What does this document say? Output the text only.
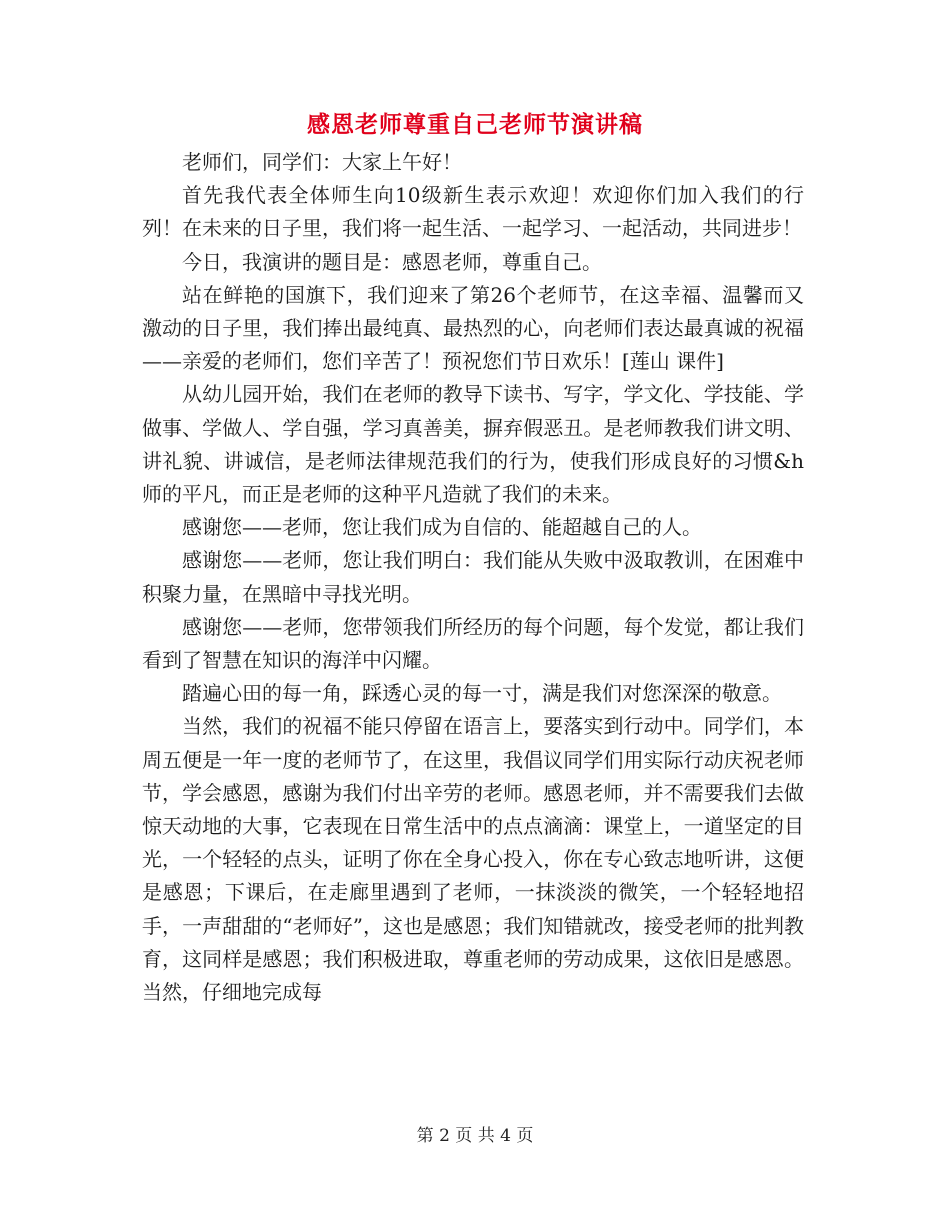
感恩老师尊重自己老师节演讲稿

老师们，同学们：大家上午好！

首先我代表全体师生向10级新生表示欢迎！欢迎你们加入我们的行列！在未来的日子里，我们将一起生活、一起学习、一起活动，共同进步！

今日，我演讲的题目是：感恩老师，尊重自己。

站在鲜艳的国旗下，我们迎来了第26个老师节，在这幸福、温馨而又激动的日子里，我们捧出最纯真、最热烈的心，向老师们表达最真诚的祝福——亲爱的老师们，您们辛苦了！预祝您们节日欢乐！[莲山 课件]

从幼儿园开始，我们在老师的教导下读书、写字，学文化、学技能、学做事、学做人、学自强，学习真善美，摒弃假恶丑。是老师教我们讲文明、讲礼貌、讲诚信，是老师法律规范我们的行为，使我们形成良好的习惯&h师的平凡，而正是老师的这种平凡造就了我们的未来。

感谢您——老师，您让我们成为自信的、能超越自己的人。

感谢您——老师，您让我们明白：我们能从失败中汲取教训，在困难中积聚力量，在黑暗中寻找光明。

感谢您——老师，您带领我们所经历的每个问题，每个发觉，都让我们看到了智慧在知识的海洋中闪耀。

踏遍心田的每一角，踩透心灵的每一寸，满是我们对您深深的敬意。

当然，我们的祝福不能只停留在语言上，要落实到行动中。同学们，本周五便是一年一度的老师节了，在这里，我倡议同学们用实际行动庆祝老师节，学会感恩，感谢为我们付出辛劳的老师。感恩老师，并不需要我们去做惊天动地的大事，它表现在日常生活中的点点滴滴：课堂上，一道坚定的目光，一个轻轻的点头，证明了你在全身心投入，你在专心致志地听讲，这便是感恩；下课后，在走廊里遇到了老师，一抹淡淡的微笑，一个轻轻地招手，一声甜甜的“老师好”，这也是感恩；我们知错就改，接受老师的批判教育，这同样是感恩；我们积极进取，尊重老师的劳动成果，这依旧是感恩。当然，仔细地完成每

第 2 页 共 4 页
